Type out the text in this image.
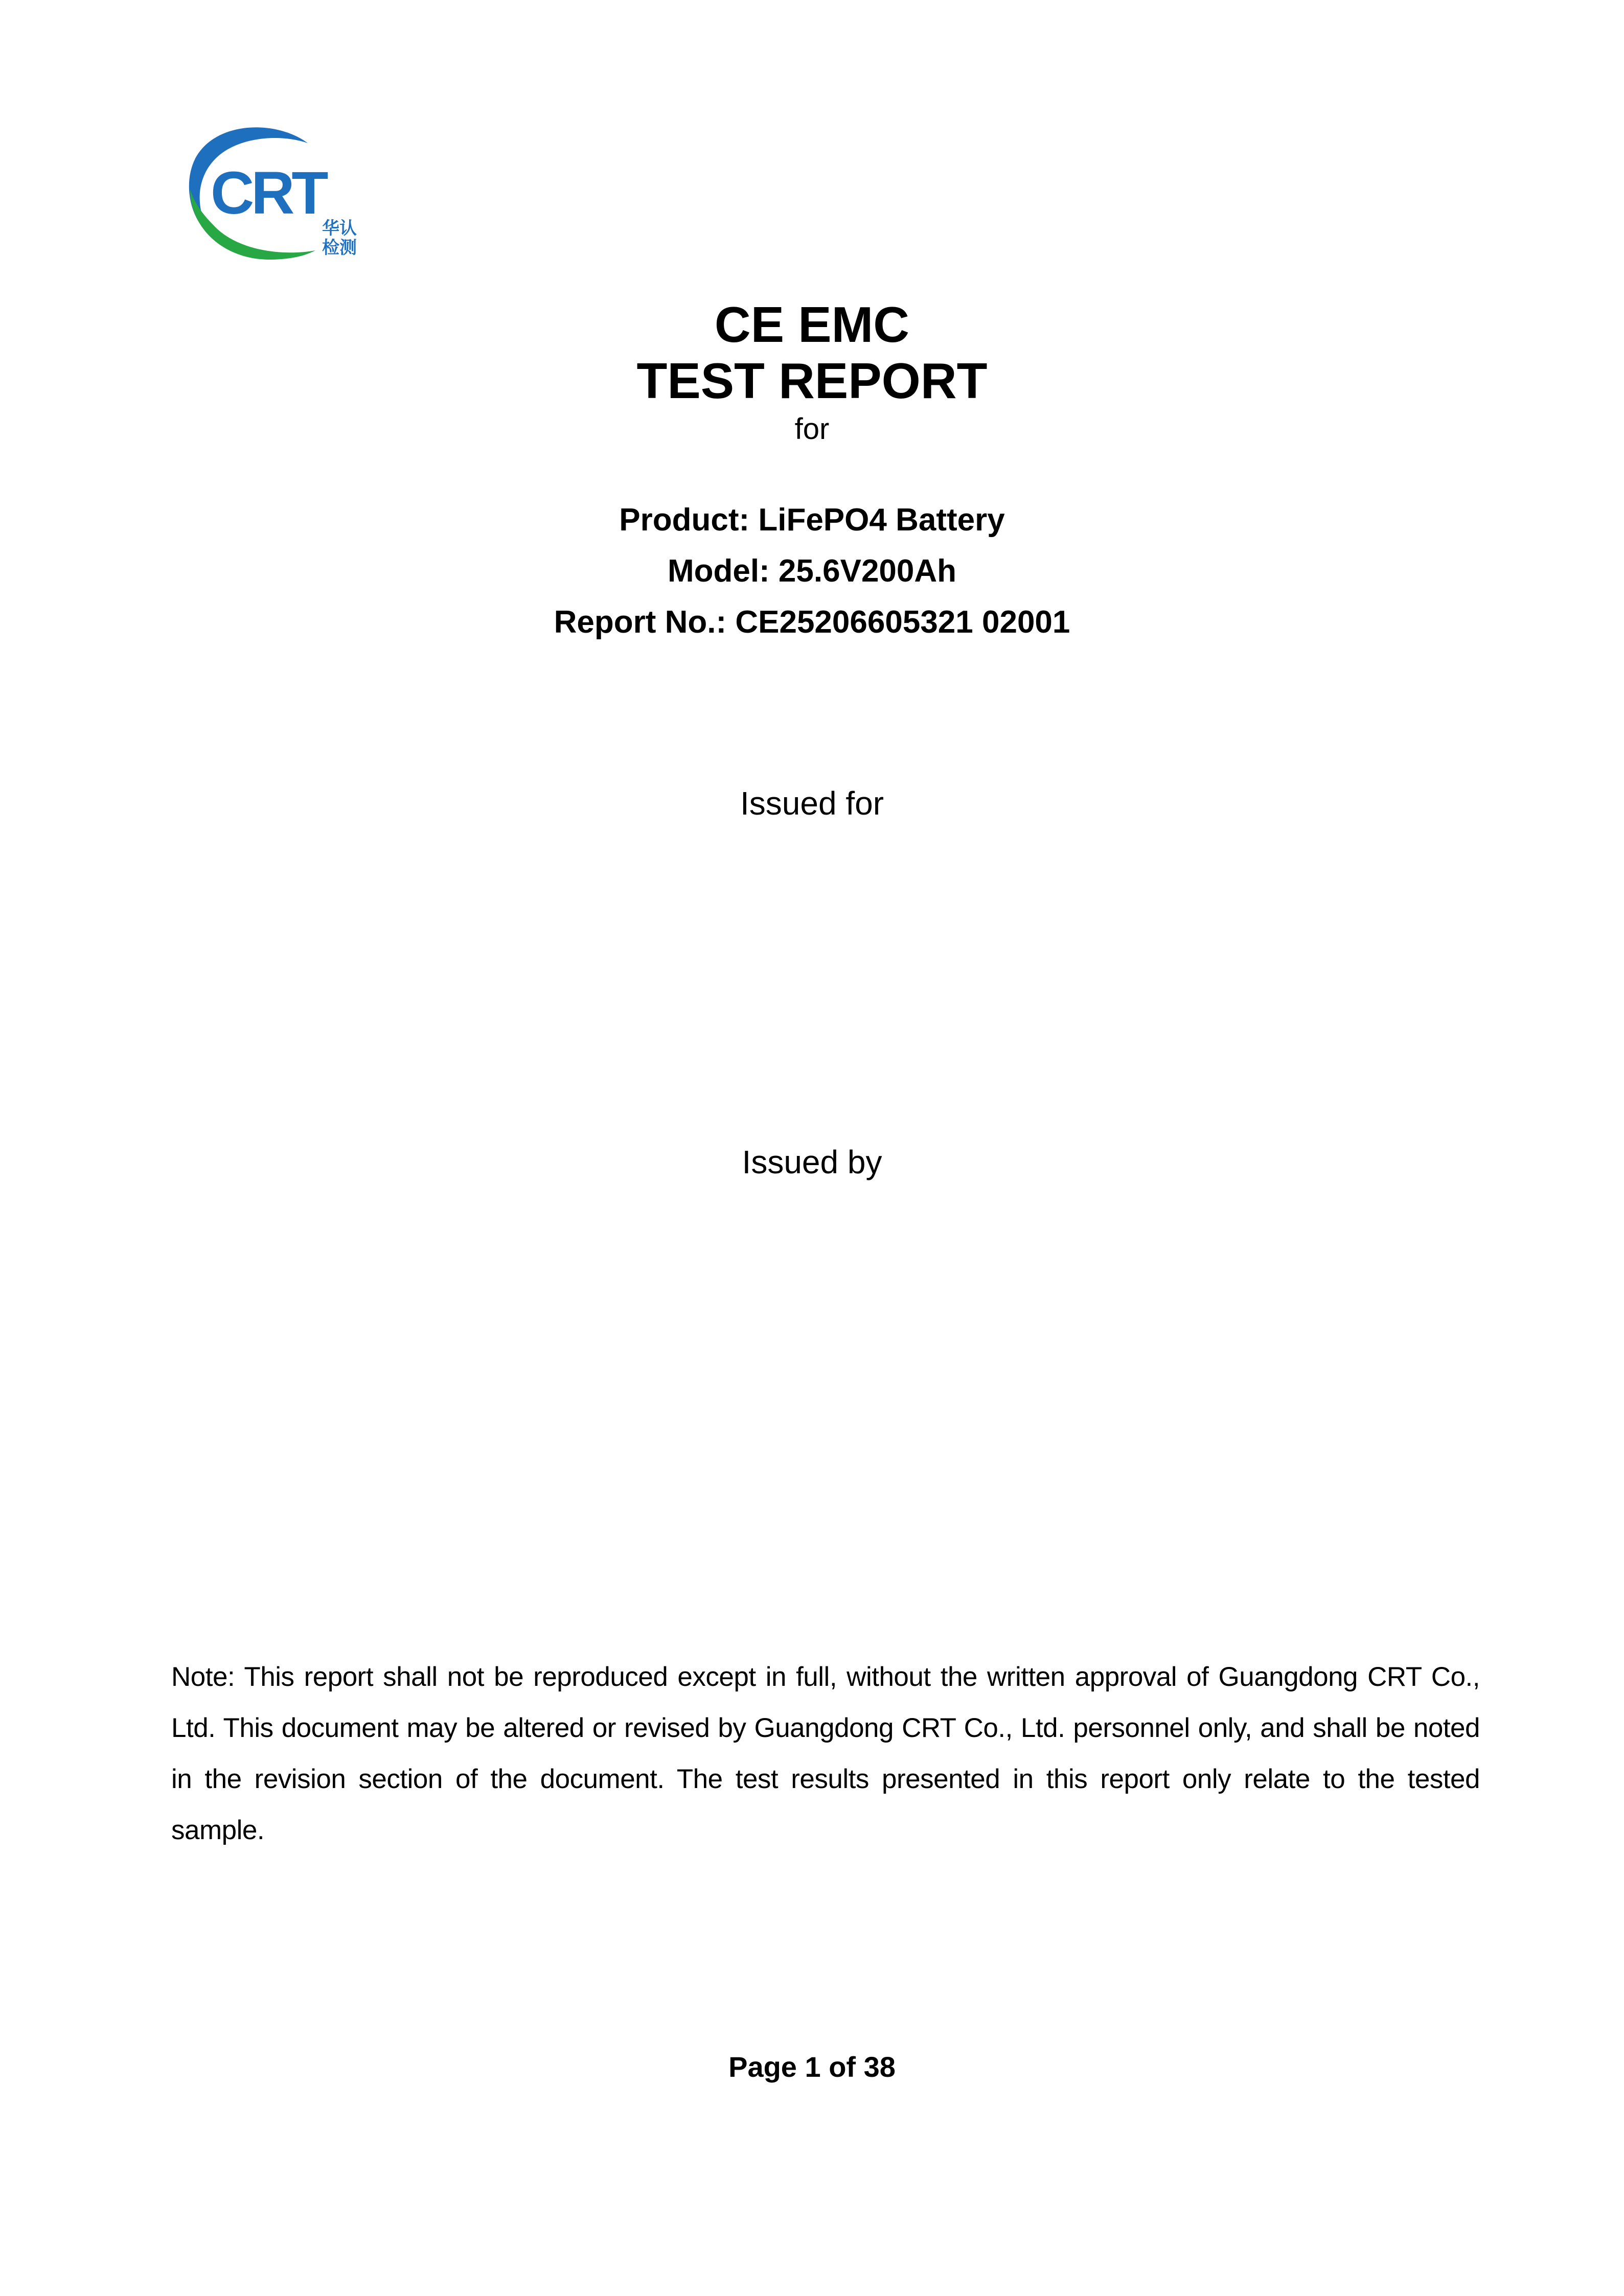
CRT
华认
检测
CE EMC
TEST REPORT
for
Product: LiFePO4 Battery
Model: 25.6V200Ah
Report No.: CE25206605321 02001
Issued for
Issued by
Note: This report shall not be reproduced except in full, without the written approval of Guangdong CRT Co., Ltd. This document may be altered or revised by Guangdong CRT Co., Ltd. personnel only, and shall be noted in the revision section of the document. The test results presented in this report only relate to the tested sample.
Page 1 of 38
